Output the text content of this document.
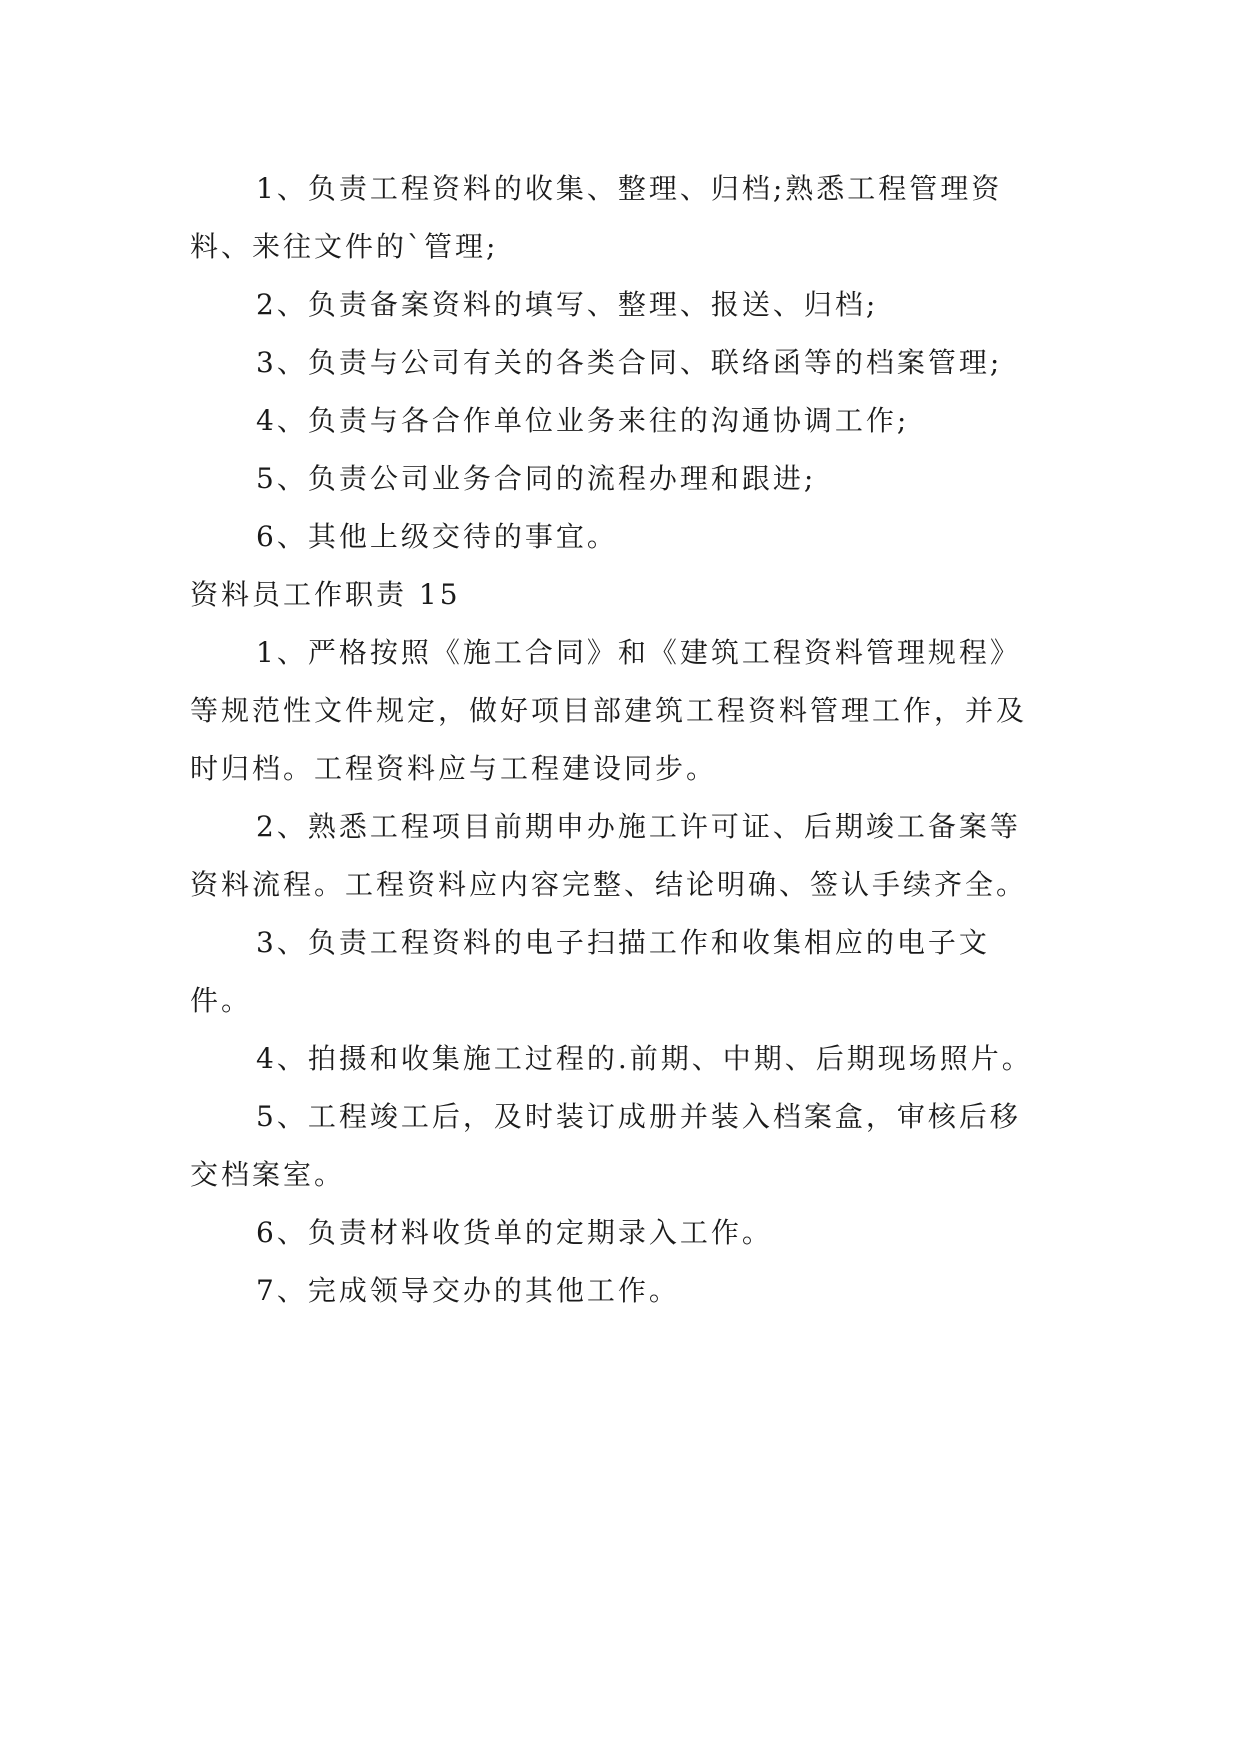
1、负责工程资料的收集、整理、归档;熟悉工程管理资料、来往文件的`管理;

2、负责备案资料的填写、整理、报送、归档;

3、负责与公司有关的各类合同、联络函等的档案管理;

4、负责与各合作单位业务来往的沟通协调工作;

5、负责公司业务合同的流程办理和跟进;

6、其他上级交待的事宜。

资料员工作职责 15

1、严格按照《施工合同》和《建筑工程资料管理规程》等规范性文件规定，做好项目部建筑工程资料管理工作，并及时归档。工程资料应与工程建设同步。

2、熟悉工程项目前期申办施工许可证、后期竣工备案等资料流程。工程资料应内容完整、结论明确、签认手续齐全。

3、负责工程资料的电子扫描工作和收集相应的电子文件。

4、拍摄和收集施工过程的.前期、中期、后期现场照片。

5、工程竣工后，及时装订成册并装入档案盒，审核后移交档案室。

6、负责材料收货单的定期录入工作。

7、完成领导交办的其他工作。
